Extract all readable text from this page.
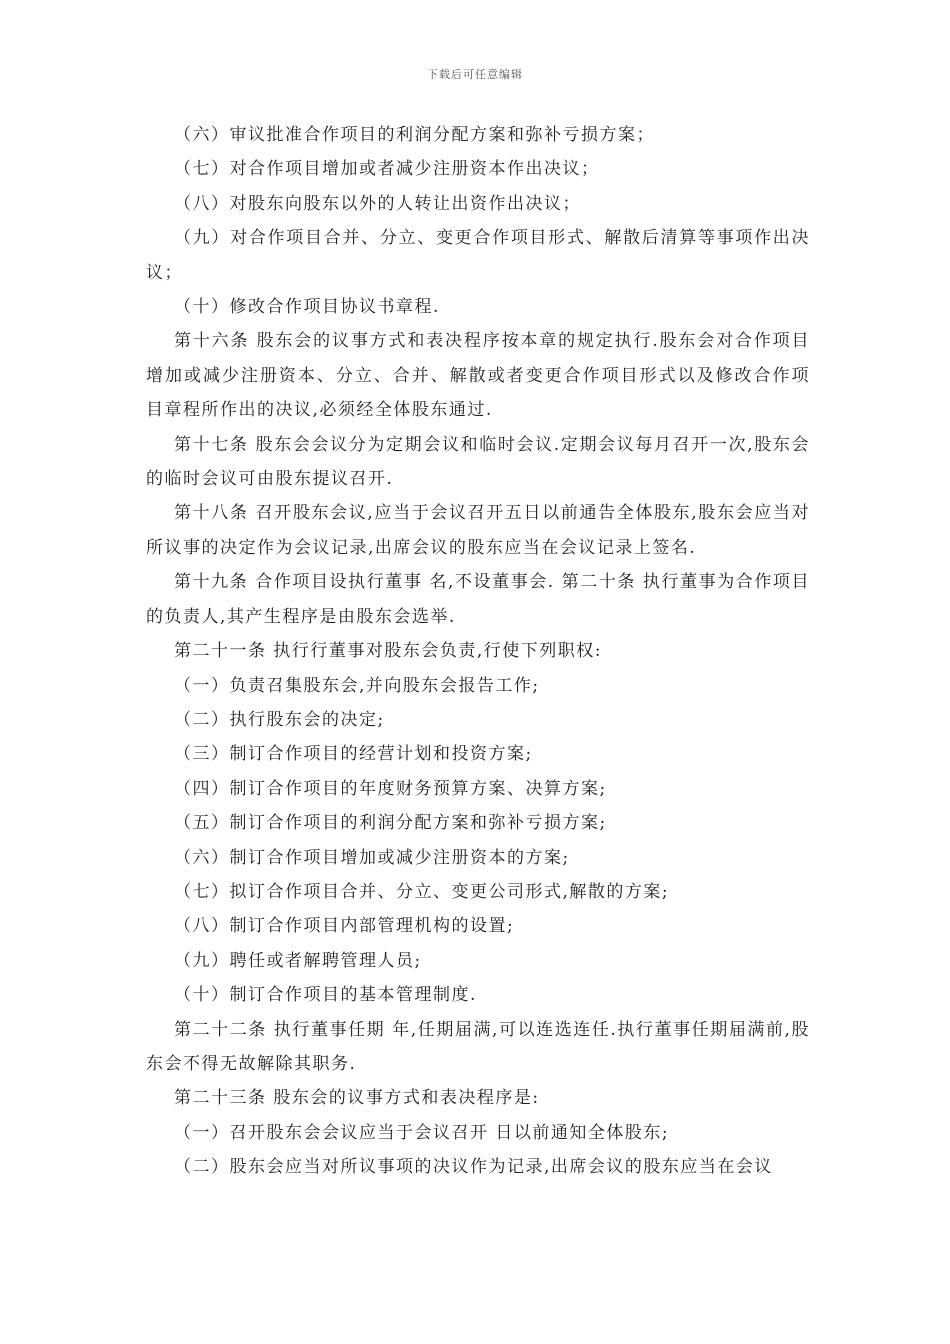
下载后可任意编辑

（六）审议批准合作项目的利润分配方案和弥补亏损方案；

（七）对合作项目增加或者减少注册资本作出决议；

（八）对股东向股东以外的人转让出资作出决议；

（九）对合作项目合并、分立、变更合作项目形式、解散后清算等事项作出决议；

（十）修改合作项目协议书章程.

第十六条 股东会的议事方式和表决程序按本章的规定执行.股东会对合作项目增加或减少注册资本、分立、合并、解散或者变更合作项目形式以及修改合作项目章程所作出的决议,必须经全体股东通过.

第十七条 股东会会议分为定期会议和临时会议.定期会议每月召开一次,股东会的临时会议可由股东提议召开.

第十八条 召开股东会议,应当于会议召开五日以前通告全体股东,股东会应当对所议事的决定作为会议记录,出席会议的股东应当在会议记录上签名.

第十九条 合作项目设执行董事 名,不设董事会. 第二十条 执行董事为合作项目的负责人,其产生程序是由股东会选举.

第二十一条 执行行董事对股东会负责,行使下列职权:

（一）负责召集股东会,并向股东会报告工作;

（二）执行股东会的决定;

（三）制订合作项目的经营计划和投资方案;

（四）制订合作项目的年度财务预算方案、决算方案;

（五）制订合作项目的利润分配方案和弥补亏损方案;

（六）制订合作项目增加或减少注册资本的方案;

（七）拟订合作项目合并、分立、变更公司形式,解散的方案;

（八）制订合作项目内部管理机构的设置;

（九）聘任或者解聘管理人员;

（十）制订合作项目的基本管理制度.

第二十二条 执行董事任期 年,任期届满,可以连选连任.执行董事任期届满前,股东会不得无故解除其职务.

第二十三条 股东会的议事方式和表决程序是:

（一）召开股东会会议应当于会议召开 日以前通知全体股东;

（二）股东会应当对所议事项的决议作为记录,出席会议的股东应当在会议
